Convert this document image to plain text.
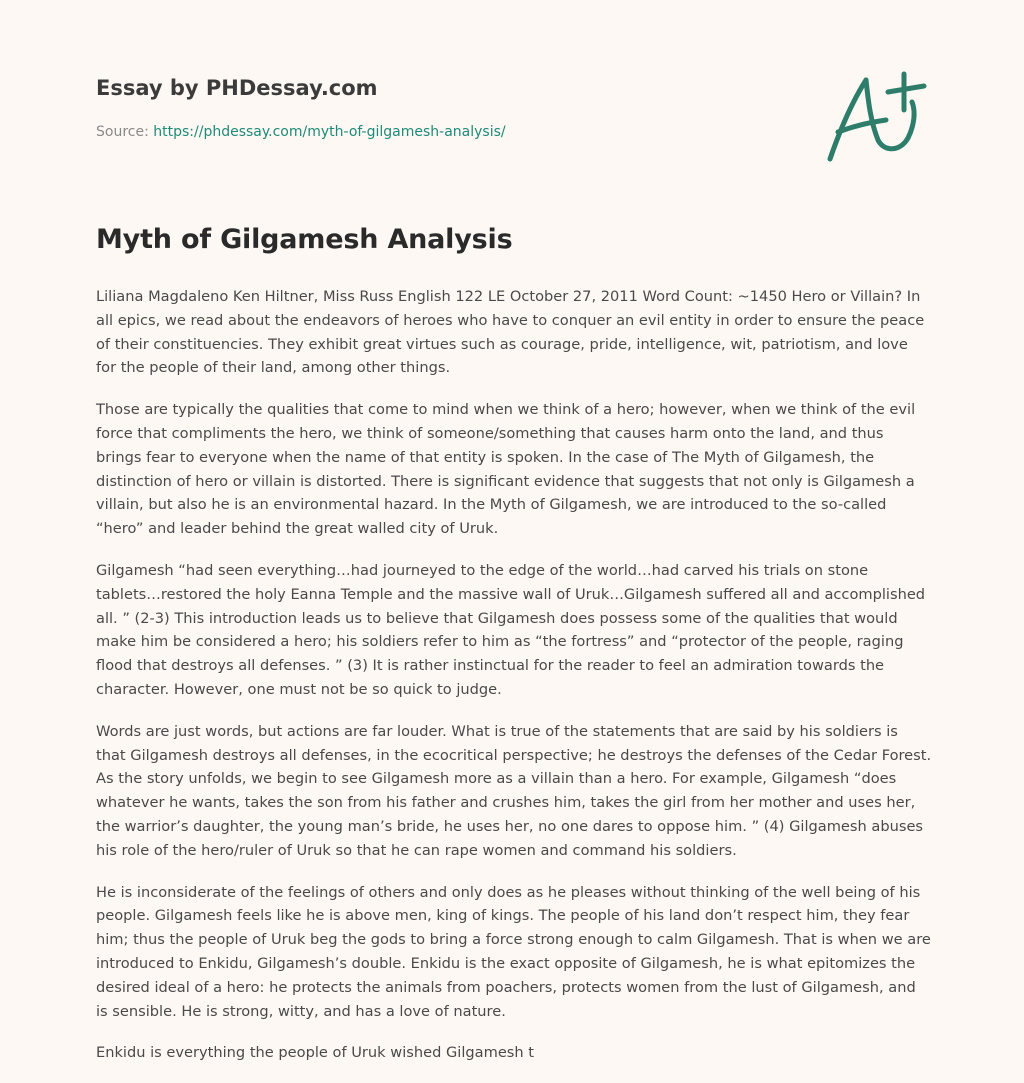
Essay by PHDessay.com
Source: https://phdessay.com/myth-of-gilgamesh-analysis/
Myth of Gilgamesh Analysis

Liliana Magdaleno Ken Hiltner, Miss Russ English 122 LE October 27, 2011 Word Count: ~1450 Hero or Villain? In all epics, we read about the endeavors of heroes who have to conquer an evil entity in order to ensure the peace of their constituencies. They exhibit great virtues such as courage, pride, intelligence, wit, patriotism, and love for the people of their land, among other things.

Those are typically the qualities that come to mind when we think of a hero; however, when we think of the evil force that compliments the hero, we think of someone/something that causes harm onto the land, and thus brings fear to everyone when the name of that entity is spoken. In the case of The Myth of Gilgamesh, the distinction of hero or villain is distorted. There is significant evidence that suggests that not only is Gilgamesh a villain, but also he is an environmental hazard. In the Myth of Gilgamesh, we are introduced to the so-called “hero” and leader behind the great walled city of Uruk.

Gilgamesh “had seen everything…had journeyed to the edge of the world…had carved his trials on stone tablets…restored the holy Eanna Temple and the massive wall of Uruk…Gilgamesh suffered all and accomplished all. ” (2-3) This introduction leads us to believe that Gilgamesh does possess some of the qualities that would make him be considered a hero; his soldiers refer to him as “the fortress” and “protector of the people, raging flood that destroys all defenses. ” (3) It is rather instinctual for the reader to feel an admiration towards the character. However, one must not be so quick to judge.

Words are just words, but actions are far louder. What is true of the statements that are said by his soldiers is that Gilgamesh destroys all defenses, in the ecocritical perspective; he destroys the defenses of the Cedar Forest. As the story unfolds, we begin to see Gilgamesh more as a villain than a hero. For example, Gilgamesh “does whatever he wants, takes the son from his father and crushes him, takes the girl from her mother and uses her, the warrior’s daughter, the young man’s bride, he uses her, no one dares to oppose him. ” (4) Gilgamesh abuses his role of the hero/ruler of Uruk so that he can rape women and command his soldiers.

He is inconsiderate of the feelings of others and only does as he pleases without thinking of the well being of his people. Gilgamesh feels like he is above men, king of kings. The people of his land don’t respect him, they fear him; thus the people of Uruk beg the gods to bring a force strong enough to calm Gilgamesh. That is when we are introduced to Enkidu, Gilgamesh’s double. Enkidu is the exact opposite of Gilgamesh, he is what epitomizes the desired ideal of a hero: he protects the animals from poachers, protects women from the lust of Gilgamesh, and is sensible. He is strong, witty, and has a love of nature.

Enkidu is everything the people of Uruk wished Gilgamesh t
